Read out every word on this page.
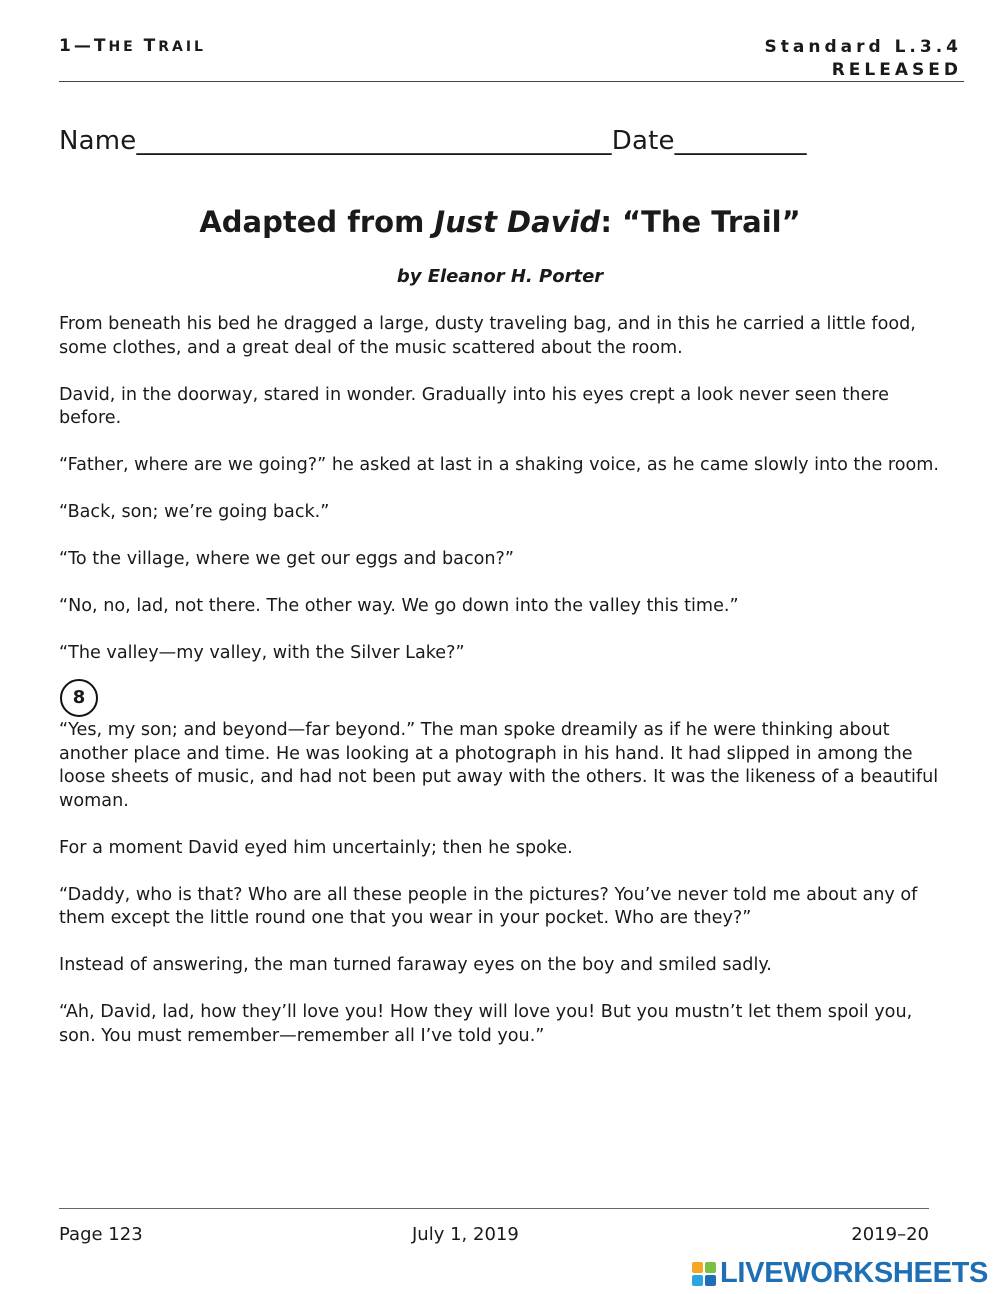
1—THE TRAIL	Standard L.3.4
RELEASED
Name____________________________________Date__________
Adapted from Just David: “The Trail”
by Eleanor H. Porter

From beneath his bed he dragged a large, dusty traveling bag, and in this he carried a little food, some clothes, and a great deal of the music scattered about the room.

David, in the doorway, stared in wonder. Gradually into his eyes crept a look never seen there before.

“Father, where are we going?” he asked at last in a shaking voice, as he came slowly into the room.

“Back, son; we’re going back.”

“To the village, where we get our eggs and bacon?”

“No, no, lad, not there. The other way. We go down into the valley this time.”

“The valley—my valley, with the Silver Lake?”

8

“Yes, my son; and beyond—far beyond.” The man spoke dreamily as if he were thinking about another place and time. He was looking at a photograph in his hand. It had slipped in among the loose sheets of music, and had not been put away with the others. It was the likeness of a beautiful woman.

For a moment David eyed him uncertainly; then he spoke.

“Daddy, who is that? Who are all these people in the pictures? You’ve never told me about any of them except the little round one that you wear in your pocket. Who are they?”

Instead of answering, the man turned faraway eyes on the boy and smiled sadly.

“Ah, David, lad, how they’ll love you! How they will love you! But you mustn’t let them spoil you, son. You must remember—remember all I’ve told you.”

Page 123	July 1, 2019	2019–20
LIVEWORKSHEETS
